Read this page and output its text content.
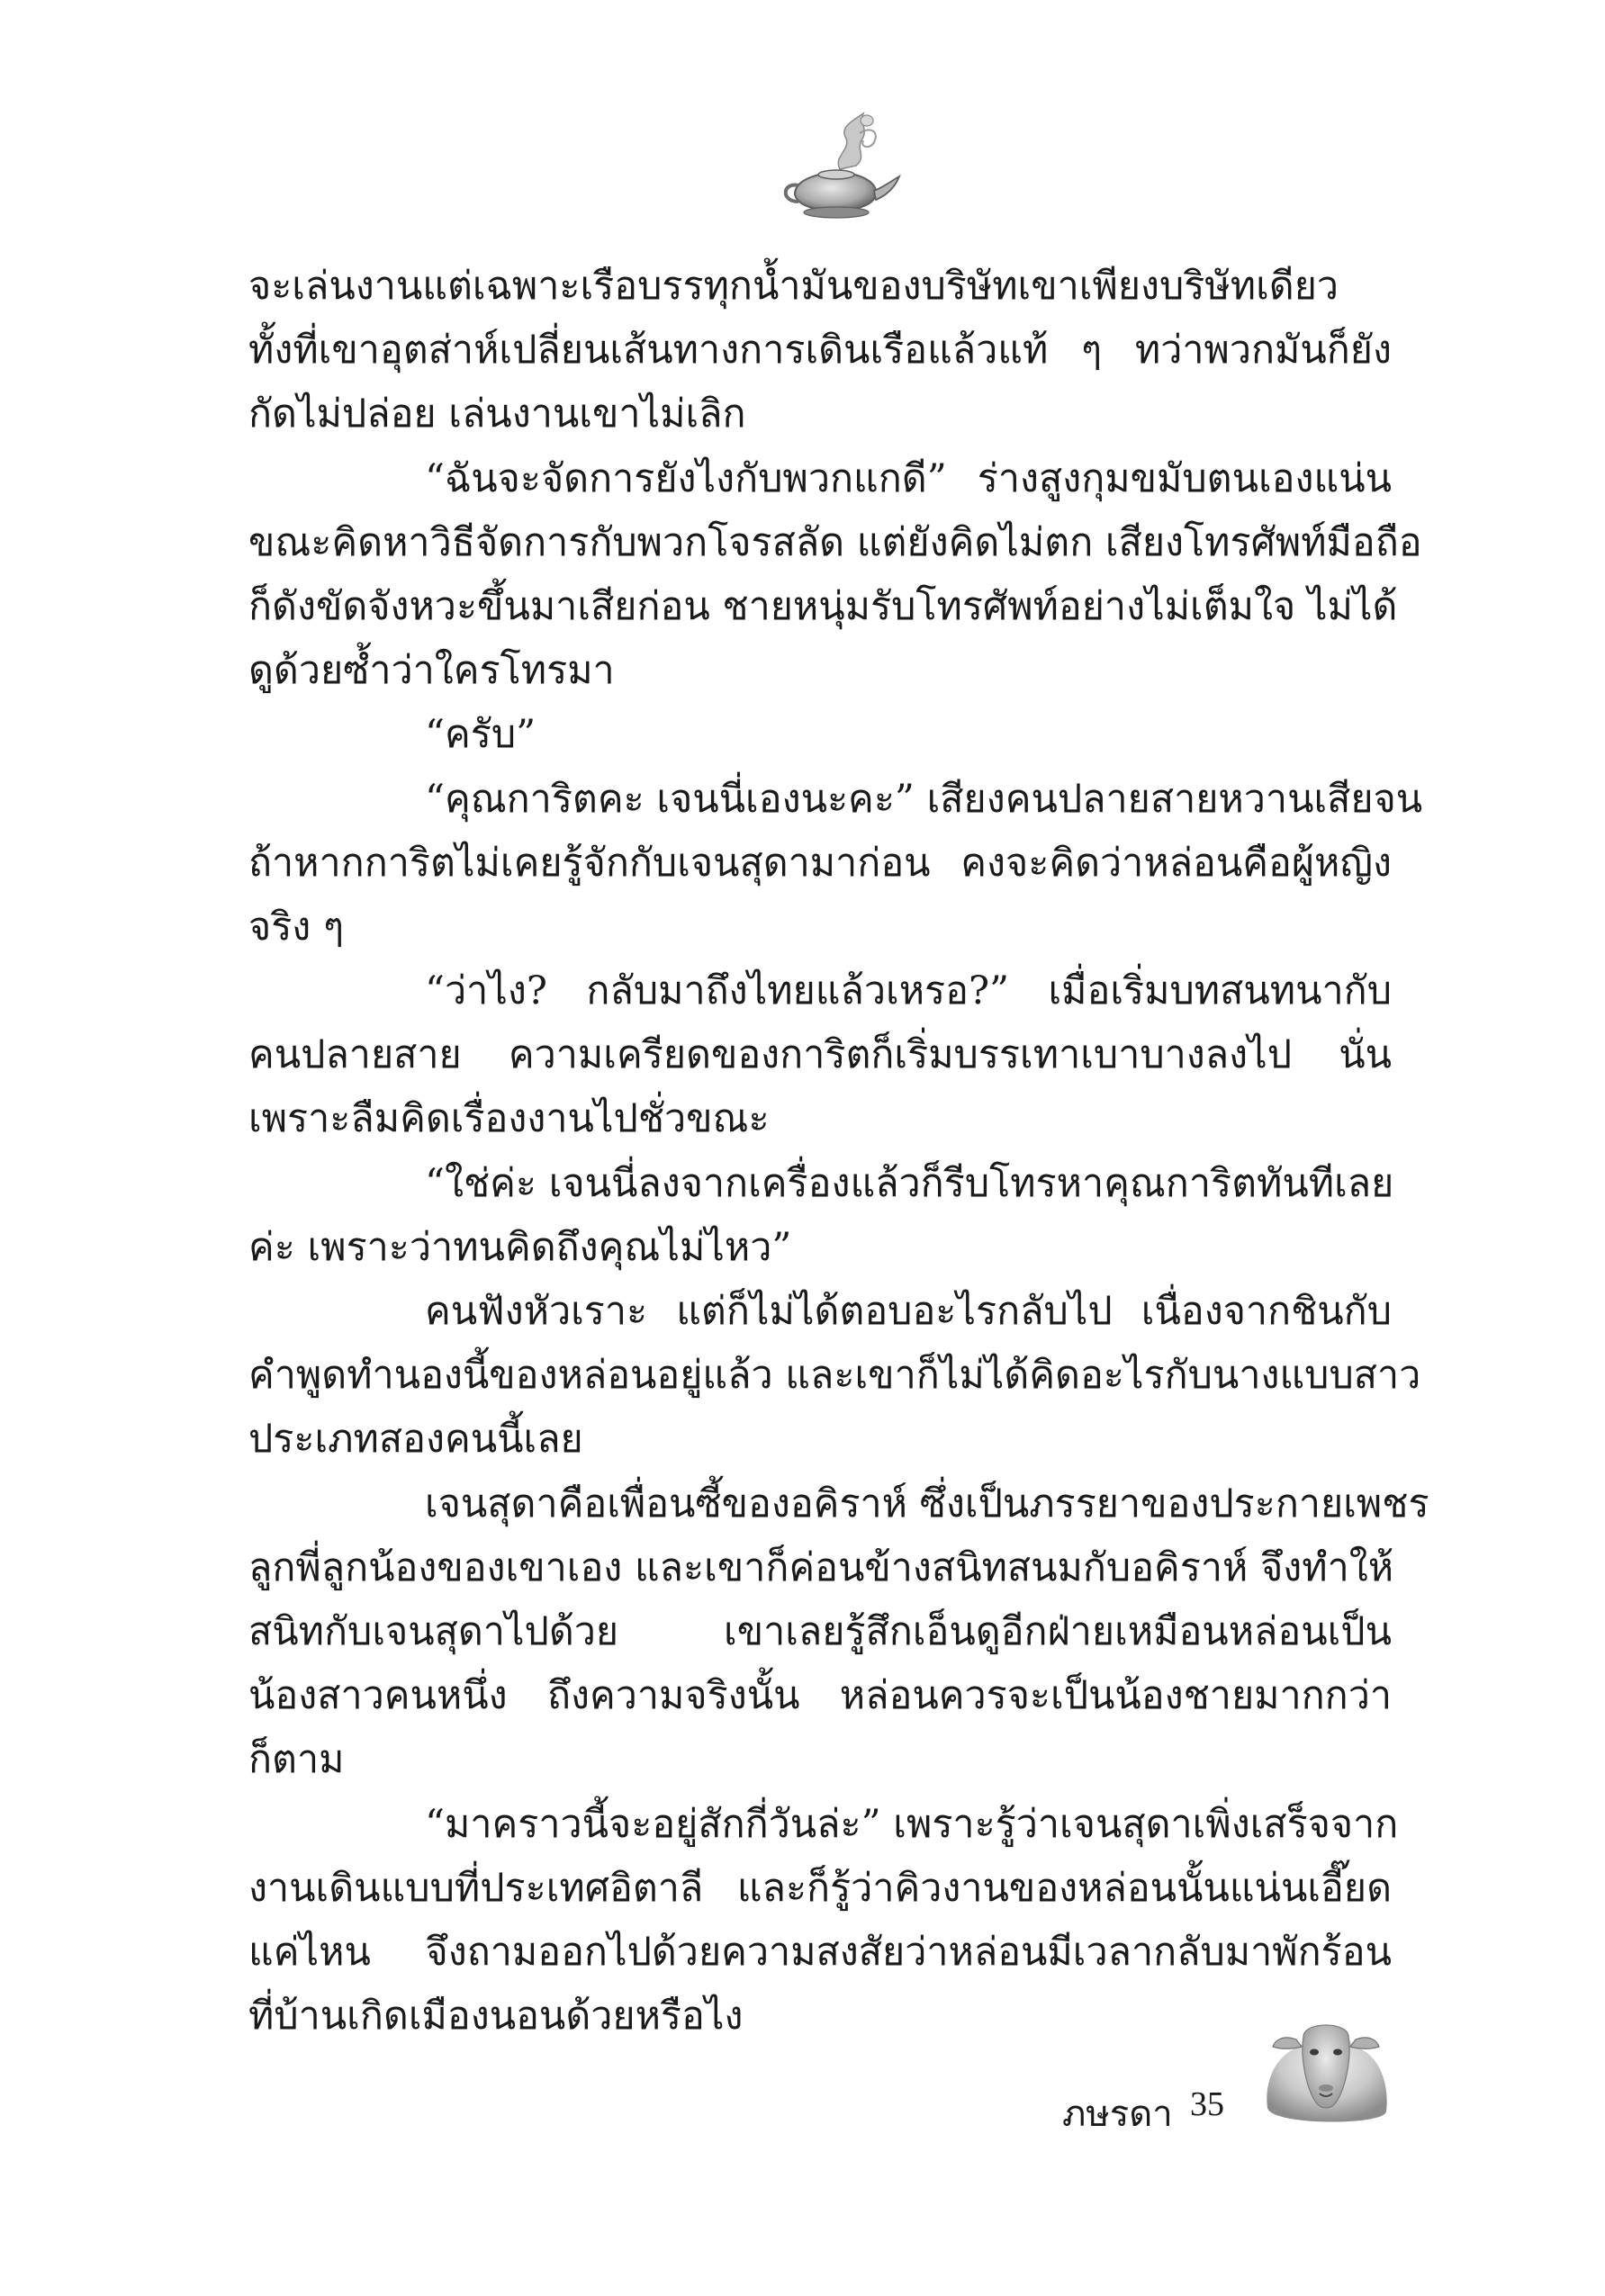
จะเล่นงานแต่เฉพาะเรือบรรทุกน้ำมันของบริษัทเขาเพียงบริษัทเดียว
ทั้งที่เขาอุตส่าห์เปลี่ยนเส้นทางการเดินเรือแล้วแท้ ๆ ทว่าพวกมันก็ยัง
กัดไม่ปล่อย เล่นงานเขาไม่เลิก
“ฉันจะจัดการยังไงกับพวกแกดี” ร่างสูงกุมขมับตนเองแน่น
ขณะคิดหาวิธีจัดการกับพวกโจรสลัด แต่ยังคิดไม่ตก เสียงโทรศัพท์มือถือ
ก็ดังขัดจังหวะขึ้นมาเสียก่อน ชายหนุ่มรับโทรศัพท์อย่างไม่เต็มใจ ไม่ได้
ดูด้วยซ้ำว่าใครโทรมา
“ครับ”
“คุณการิตคะ เจนนี่เองนะคะ” เสียงคนปลายสายหวานเสียจน
ถ้าหากการิตไม่เคยรู้จักกับเจนสุดามาก่อน คงจะคิดว่าหล่อนคือผู้หญิง
จริง ๆ
“ว่าไง? กลับมาถึงไทยแล้วเหรอ?” เมื่อเริ่มบทสนทนากับ
คนปลายสาย ความเครียดของการิตก็เริ่มบรรเทาเบาบางลงไป นั่น
เพราะลืมคิดเรื่องงานไปชั่วขณะ
“ใช่ค่ะ เจนนี่ลงจากเครื่องแล้วก็รีบโทรหาคุณการิตทันทีเลย
ค่ะ เพราะว่าทนคิดถึงคุณไม่ไหว”
คนฟังหัวเราะ แต่ก็ไม่ได้ตอบอะไรกลับไป เนื่องจากชินกับ
คำพูดทำนองนี้ของหล่อนอยู่แล้ว และเขาก็ไม่ได้คิดอะไรกับนางแบบสาว
ประเภทสองคนนี้เลย
เจนสุดาคือเพื่อนซี้ของอคิราห์ ซึ่งเป็นภรรยาของประกายเพชร
ลูกพี่ลูกน้องของเขาเอง และเขาก็ค่อนข้างสนิทสนมกับอคิราห์ จึงทำให้
สนิทกับเจนสุดาไปด้วย เขาเลยรู้สึกเอ็นดูอีกฝ่ายเหมือนหล่อนเป็น
น้องสาวคนหนึ่ง ถึงความจริงนั้น หล่อนควรจะเป็นน้องชายมากกว่า
ก็ตาม
“มาคราวนี้จะอยู่สักกี่วันล่ะ” เพราะรู้ว่าเจนสุดาเพิ่งเสร็จจาก
งานเดินแบบที่ประเทศอิตาลี และก็รู้ว่าคิวงานของหล่อนนั้นแน่นเอี๊ยด
แค่ไหน จึงถามออกไปด้วยความสงสัยว่าหล่อนมีเวลากลับมาพักร้อน
ที่บ้านเกิดเมืองนอนด้วยหรือไง
ภษรดา 35
